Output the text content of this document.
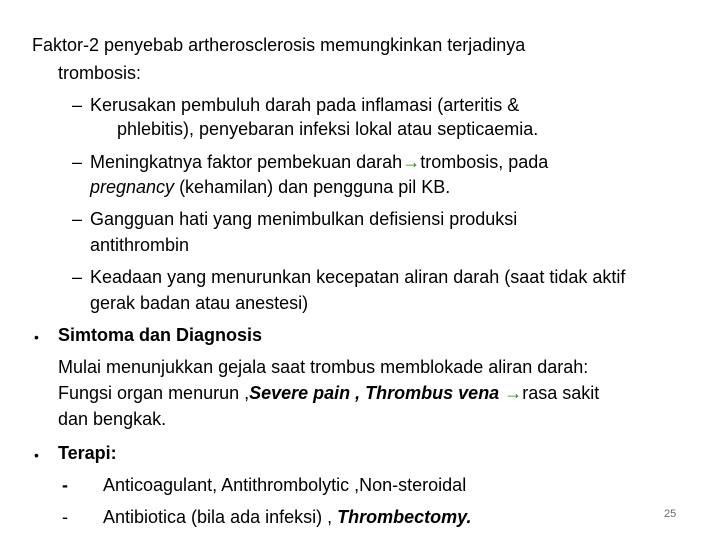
Faktor-2 penyebab artherosclerosis memungkinkan terjadinya
trombosis:
– Kerusakan pembuluh darah pada inflamasi (arteritis &
phlebitis), penyebaran infeksi lokal atau septicaemia.
– Meningkatnya faktor pembekuan darah→trombosis, pada
pregnancy (kehamilan) dan pengguna pil KB.
– Gangguan hati yang menimbulkan defisiensi produksi
antithrombin
– Keadaan yang menurunkan kecepatan aliran darah (saat tidak aktif
gerak badan atau anestesi)
• Simtoma dan Diagnosis
Mulai menunjukkan gejala saat trombus memblokade aliran darah:
Fungsi organ menurun ,Severe pain , Thrombus vena →rasa sakit
dan bengkak.
• Terapi:
- Anticoagulant, Antithrombolytic ,Non-steroidal
- Antibiotica (bila ada infeksi) , Thrombectomy.	25
